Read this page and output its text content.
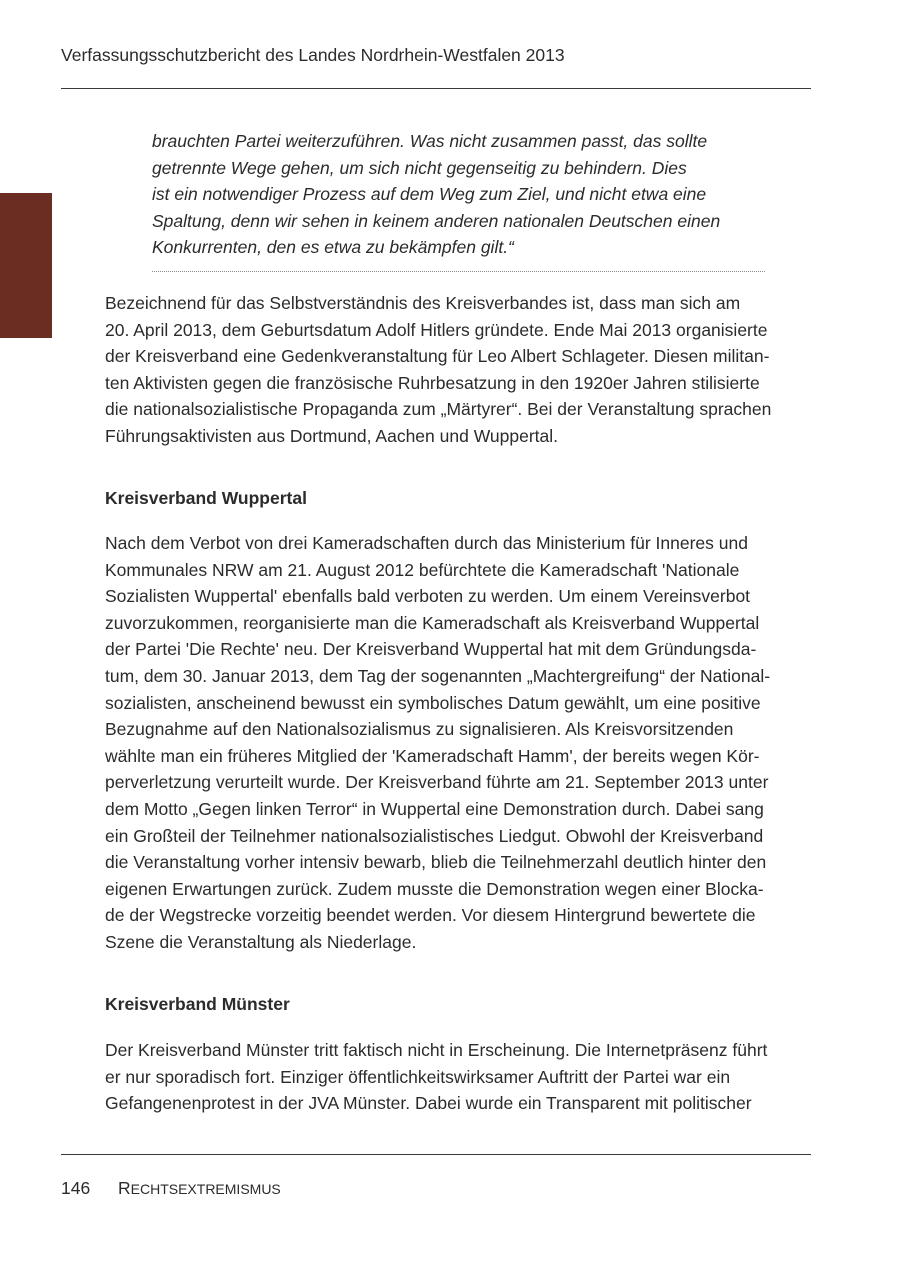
Verfassungsschutzbericht des Landes Nordrhein-Westfalen 2013
brauchten Partei weiterzuführen. Was nicht zusammen passt, das sollte
getrennte Wege gehen, um sich nicht gegenseitig zu behindern. Dies
ist ein notwendiger Prozess auf dem Weg zum Ziel, und nicht etwa eine
Spaltung, denn wir sehen in keinem anderen nationalen Deutschen einen
Konkurrenten, den es etwa zu bekämpfen gilt.“
Bezeichnend für das Selbstverständnis des Kreisverbandes ist, dass man sich am
20. April 2013, dem Geburtsdatum Adolf Hitlers gründete. Ende Mai 2013 organisierte
der Kreisverband eine Gedenkveranstaltung für Leo Albert Schlageter. Diesen militan-
ten Aktivisten gegen die französische Ruhrbesatzung in den 1920er Jahren stilisierte
die nationalsozialistische Propaganda zum „Märtyrer“. Bei der Veranstaltung sprachen
Führungsaktivisten aus Dortmund, Aachen und Wuppertal.
Kreisverband Wuppertal
Nach dem Verbot von drei Kameradschaften durch das Ministerium für Inneres und
Kommunales NRW am 21. August 2012 befürchtete die Kameradschaft 'Nationale
Sozialisten Wuppertal' ebenfalls bald verboten zu werden. Um einem Vereinsverbot
zuvorzukommen, reorganisierte man die Kameradschaft als Kreisverband Wuppertal
der Partei 'Die Rechte' neu. Der Kreisverband Wuppertal hat mit dem Gründungsda-
tum, dem 30. Januar 2013, dem Tag der sogenannten „Machtergreifung“ der National-
sozialisten, anscheinend bewusst ein symbolisches Datum gewählt, um eine positive
Bezugnahme auf den Nationalsozialismus zu signalisieren. Als Kreisvorsitzenden
wählte man ein früheres Mitglied der 'Kameradschaft Hamm', der bereits wegen Kör-
perverletzung verurteilt wurde. Der Kreisverband führte am 21. September 2013 unter
dem Motto „Gegen linken Terror“ in Wuppertal eine Demonstration durch. Dabei sang
ein Großteil der Teilnehmer nationalsozialistisches Liedgut. Obwohl der Kreisverband
die Veranstaltung vorher intensiv bewarb, blieb die Teilnehmerzahl deutlich hinter den
eigenen Erwartungen zurück. Zudem musste die Demonstration wegen einer Blocka-
de der Wegstrecke vorzeitig beendet werden. Vor diesem Hintergrund bewertete die
Szene die Veranstaltung als Niederlage.
Kreisverband Münster
Der Kreisverband Münster tritt faktisch nicht in Erscheinung. Die Internetpräsenz führt
er nur sporadisch fort. Einziger öffentlichkeitswirksamer Auftritt der Partei war ein
Gefangenenprotest in der JVA Münster. Dabei wurde ein Transparent mit politischer
146 RECHTSEXTREMISMUS
